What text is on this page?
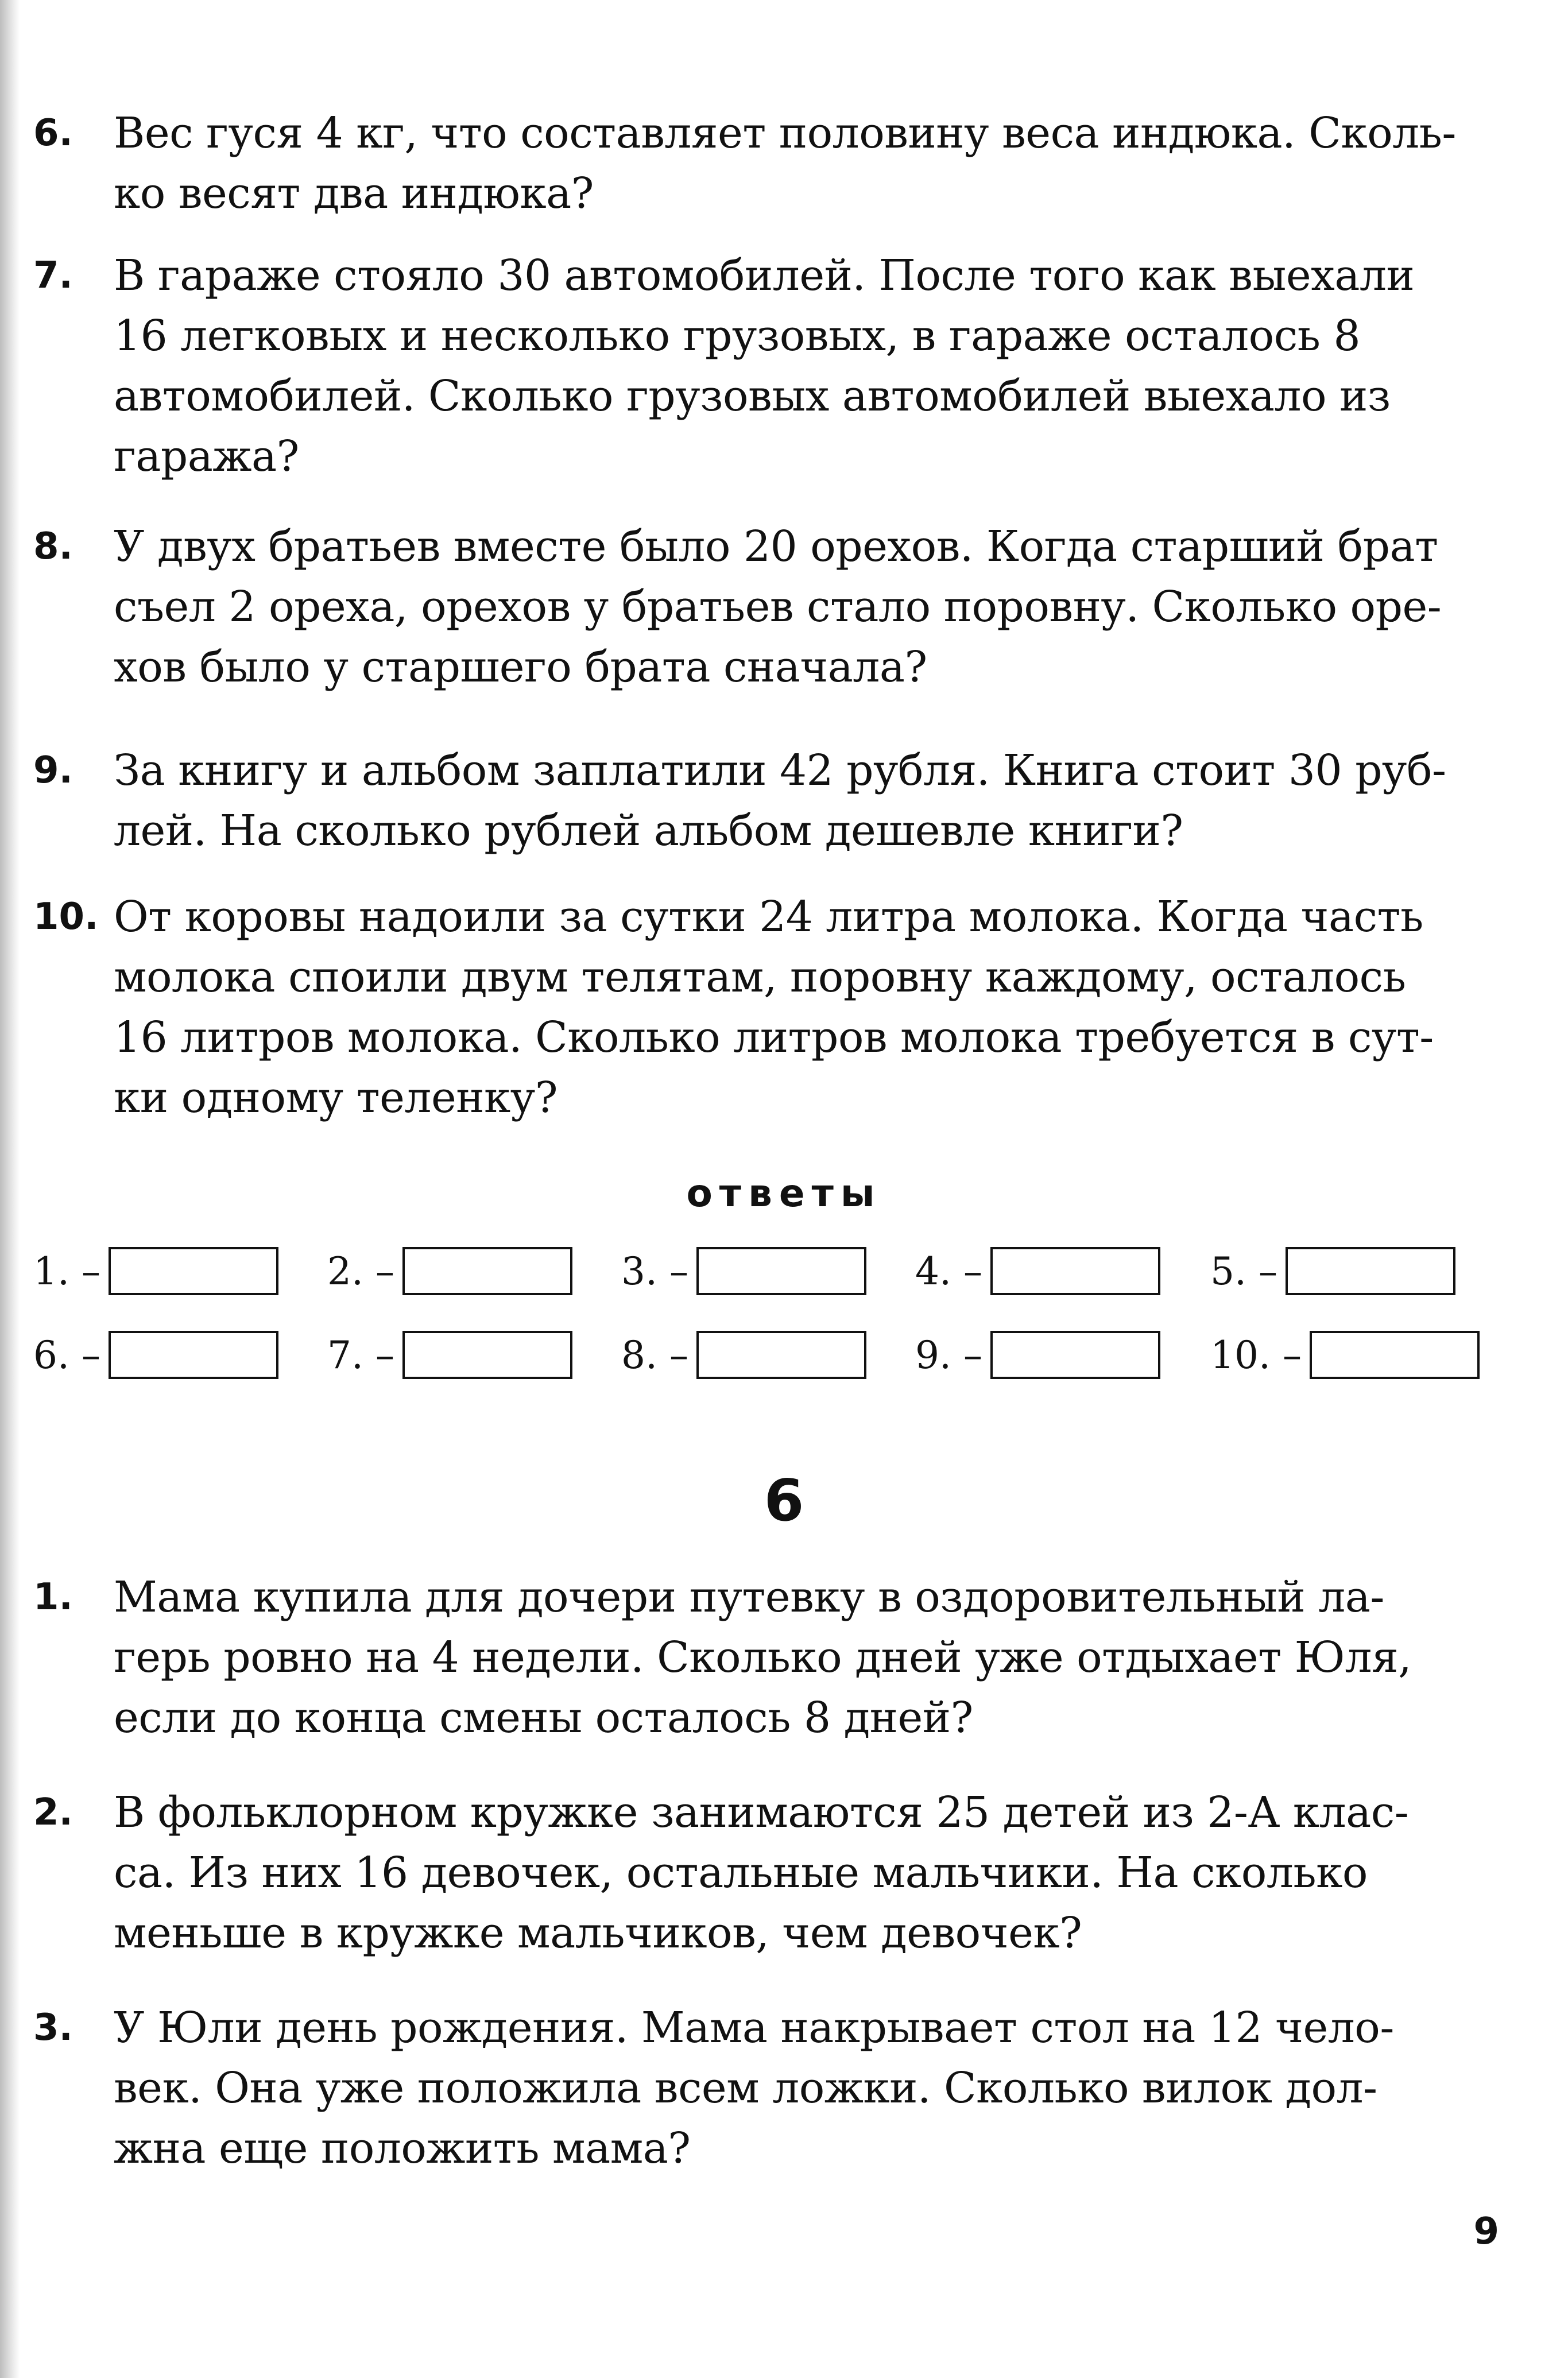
6. Вес гуся 4 кг, что составляет половину веса индюка. Сколь-
ко весят два индюка?
7. В гараже стояло 30 автомобилей. После того как выехали
16 легковых и несколько грузовых, в гараже осталось 8
автомобилей. Сколько грузовых автомобилей выехало из
гаража?
8. У двух братьев вместе было 20 орехов. Когда старший брат
съел 2 ореха, орехов у братьев стало поровну. Сколько оре-
хов было у старшего брата сначала?
9. За книгу и альбом заплатили 42 рубля. Книга стоит 30 руб-
лей. На сколько рублей альбом дешевле книги?
10. От коровы надоили за сутки 24 литра молока. Когда часть
молока споили двум телятам, поровну каждому, осталось
16 литров молока. Сколько литров молока требуется в сут-
ки одному теленку?
ответы
1. –	2. –	3. –	4. –	5. –
6. –	7. –	8. –	9. –	10. –
6
1. Мама купила для дочери путевку в оздоровительный ла-
герь ровно на 4 недели. Сколько дней уже отдыхает Юля,
если до конца смены осталось 8 дней?
2. В фольклорном кружке занимаются 25 детей из 2-А клас-
са. Из них 16 девочек, остальные мальчики. На сколько
меньше в кружке мальчиков, чем девочек?
3. У Юли день рождения. Мама накрывает стол на 12 чело-
век. Она уже положила всем ложки. Сколько вилок дол-
жна еще положить мама?
9
